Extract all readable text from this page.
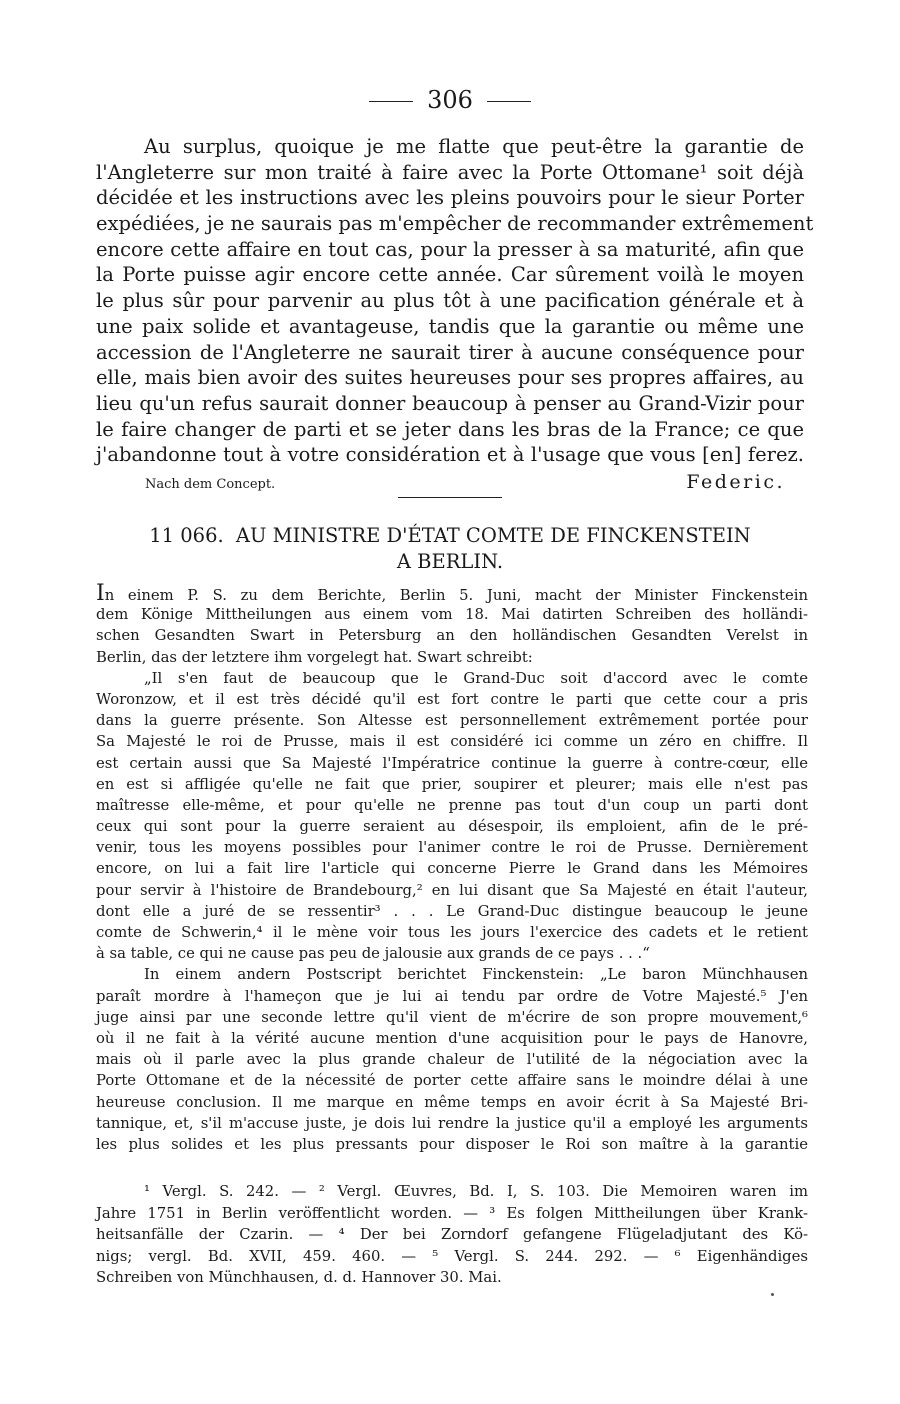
306
Au surplus, quoique je me flatte que peut-être la garantie de
l'Angleterre sur mon traité à faire avec la Porte Ottomane¹ soit déjà
décidée et les instructions avec les pleins pouvoirs pour le sieur Porter
expédiées, je ne saurais pas m'empêcher de recommander extrêmement
encore cette affaire en tout cas, pour la presser à sa maturité, afin que
la Porte puisse agir encore cette année. Car sûrement voilà le moyen
le plus sûr pour parvenir au plus tôt à une pacification générale et à
une paix solide et avantageuse, tandis que la garantie ou même une
accession de l'Angleterre ne saurait tirer à aucune conséquence pour
elle, mais bien avoir des suites heureuses pour ses propres affaires, au
lieu qu'un refus saurait donner beaucoup à penser au Grand-Vizir pour
le faire changer de parti et se jeter dans les bras de la France; ce que
j'abandonne tout à votre considération et à l'usage que vous [en] ferez.
Nach dem Concept.	Federic.
11 066. AU MINISTRE D'ÉTAT COMTE DE FINCKENSTEIN
A BERLIN.
In einem P. S. zu dem Berichte, Berlin 5. Juni, macht der Minister Finckenstein
dem Könige Mittheilungen aus einem vom 18. Mai datirten Schreiben des holländi-
schen Gesandten Swart in Petersburg an den holländischen Gesandten Verelst in
Berlin, das der letztere ihm vorgelegt hat. Swart schreibt:
„Il s'en faut de beaucoup que le Grand-Duc soit d'accord avec le comte
Woronzow, et il est très décidé qu'il est fort contre le parti que cette cour a pris
dans la guerre présente. Son Altesse est personnellement extrêmement portée pour
Sa Majesté le roi de Prusse, mais il est considéré ici comme un zéro en chiffre. Il
est certain aussi que Sa Majesté l'Impératrice continue la guerre à contre-cœur, elle
en est si affligée qu'elle ne fait que prier, soupirer et pleurer; mais elle n'est pas
maîtresse elle-même, et pour qu'elle ne prenne pas tout d'un coup un parti dont
ceux qui sont pour la guerre seraient au désespoir, ils emploient, afin de le pré-
venir, tous les moyens possibles pour l'animer contre le roi de Prusse. Dernièrement
encore, on lui a fait lire l'article qui concerne Pierre le Grand dans les Mémoires
pour servir à l'histoire de Brandebourg,² en lui disant que Sa Majesté en était l'auteur,
dont elle a juré de se ressentir³ . . . Le Grand-Duc distingue beaucoup le jeune
comte de Schwerin,⁴ il le mène voir tous les jours l'exercice des cadets et le retient
à sa table, ce qui ne cause pas peu de jalousie aux grands de ce pays . . .“
In einem andern Postscript berichtet Finckenstein: „Le baron Münchhausen
paraît mordre à l'hameçon que je lui ai tendu par ordre de Votre Majesté.⁵ J'en
juge ainsi par une seconde lettre qu'il vient de m'écrire de son propre mouvement,⁶
où il ne fait à la vérité aucune mention d'une acquisition pour le pays de Hanovre,
mais où il parle avec la plus grande chaleur de l'utilité de la négociation avec la
Porte Ottomane et de la nécessité de porter cette affaire sans le moindre délai à une
heureuse conclusion. Il me marque en même temps en avoir écrit à Sa Majesté Bri-
tannique, et, s'il m'accuse juste, je dois lui rendre la justice qu'il a employé les arguments
les plus solides et les plus pressants pour disposer le Roi son maître à la garantie
¹ Vergl. S. 242. — ² Vergl. Œuvres, Bd. I, S. 103. Die Memoiren waren im
Jahre 1751 in Berlin veröffentlicht worden. — ³ Es folgen Mittheilungen über Krank-
heitsanfälle der Czarin. — ⁴ Der bei Zorndorf gefangene Flügeladjutant des Kö-
nigs; vergl. Bd. XVII, 459. 460. — ⁵ Vergl. S. 244. 292. — ⁶ Eigenhändiges
Schreiben von Münchhausen, d. d. Hannover 30. Mai.
